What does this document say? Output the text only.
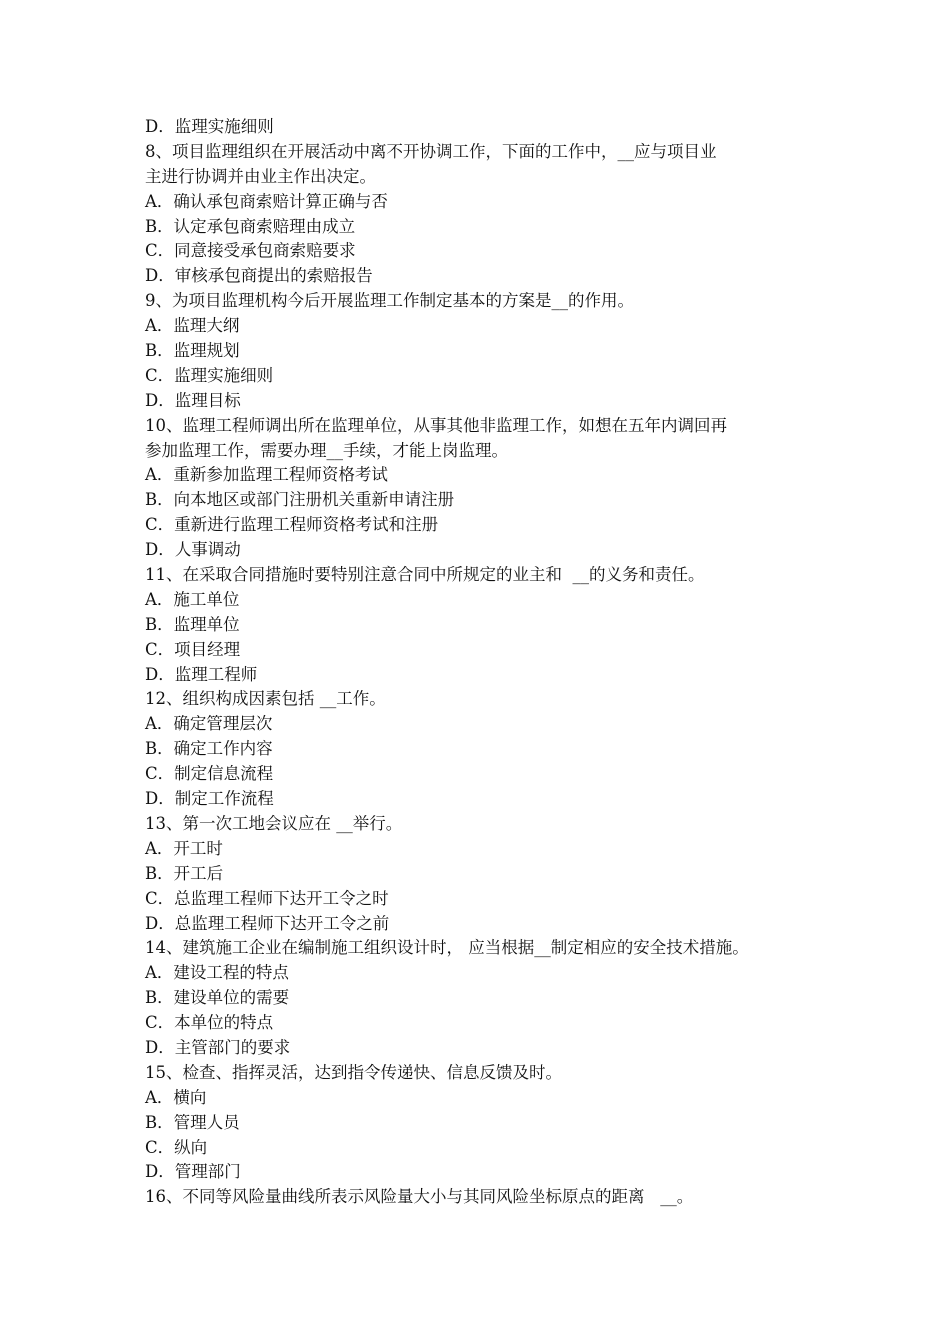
D．监理实施细则
8、项目监理组织在开展活动中离不开协调工作，下面的工作中，__应与项目业
主进行协调并由业主作出决定。
A．确认承包商索赔计算正确与否
B．认定承包商索赔理由成立
C．同意接受承包商索赔要求
D．审核承包商提出的索赔报告
9、为项目监理机构今后开展监理工作制定基本的方案是__的作用。
A．监理大纲
B．监理规划
C．监理实施细则
D．监理目标
10、监理工程师调出所在监理单位，从事其他非监理工作，如想在五年内调回再
参加监理工作，需要办理__手续，才能上岗监理。
A．重新参加监理工程师资格考试
B．向本地区或部门注册机关重新申请注册
C．重新进行监理工程师资格考试和注册
D．人事调动
11、在采取合同措施时要特别注意合同中所规定的业主和  __的义务和责任。
A．施工单位
B．监理单位
C．项目经理
D．监理工程师
12、组织构成因素包括 __工作。
A．确定管理层次
B．确定工作内容
C．制定信息流程
D．制定工作流程
13、第一次工地会议应在 __举行。
A．开工时
B．开工后
C．总监理工程师下达开工令之时
D．总监理工程师下达开工令之前
14、建筑施工企业在编制施工组织设计时， 应当根据__制定相应的安全技术措施。
A．建设工程的特点
B．建设单位的需要
C．本单位的特点
D．主管部门的要求
15、检查、指挥灵活，达到指令传递快、信息反馈及时。
A．横向
B．管理人员
C．纵向
D．管理部门
16、不同等风险量曲线所表示风险量大小与其同风险坐标原点的距离   __。
